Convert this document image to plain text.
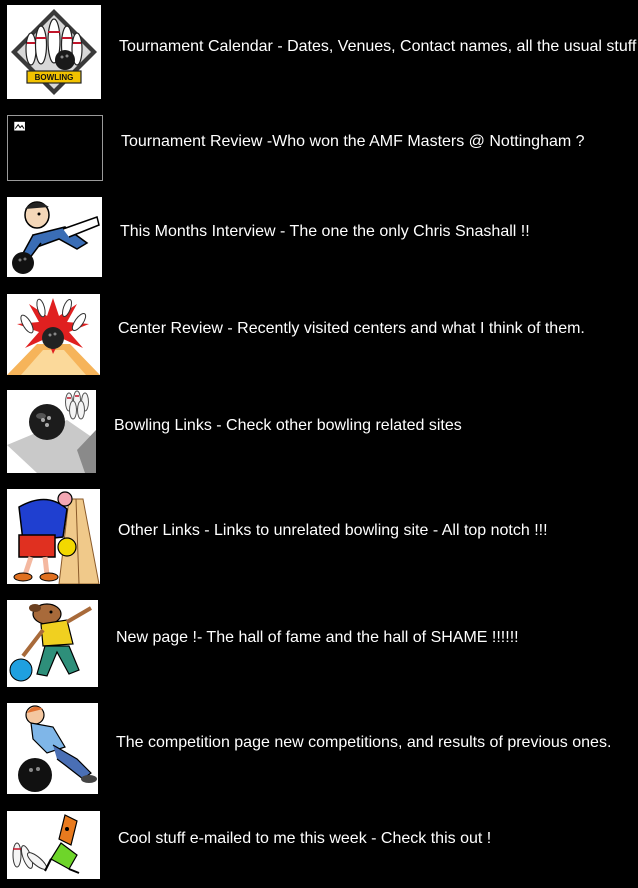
BOWLING
Tournament Calendar - Dates, Venues, Contact names, all the usual stuff
Tournament Review -Who won the AMF Masters @ Nottingham ?
This Months Interview - The one the only Chris Snashall !!
Center Review - Recently visited centers and what I think of them.
Bowling Links - Check other bowling related sites
Other Links - Links to unrelated bowling site - All top notch !!!
New page !- The hall of fame and the hall of SHAME !!!!!!
The competition page new competitions, and results of previous ones.
Cool stuff e-mailed to me this week - Check this out !
